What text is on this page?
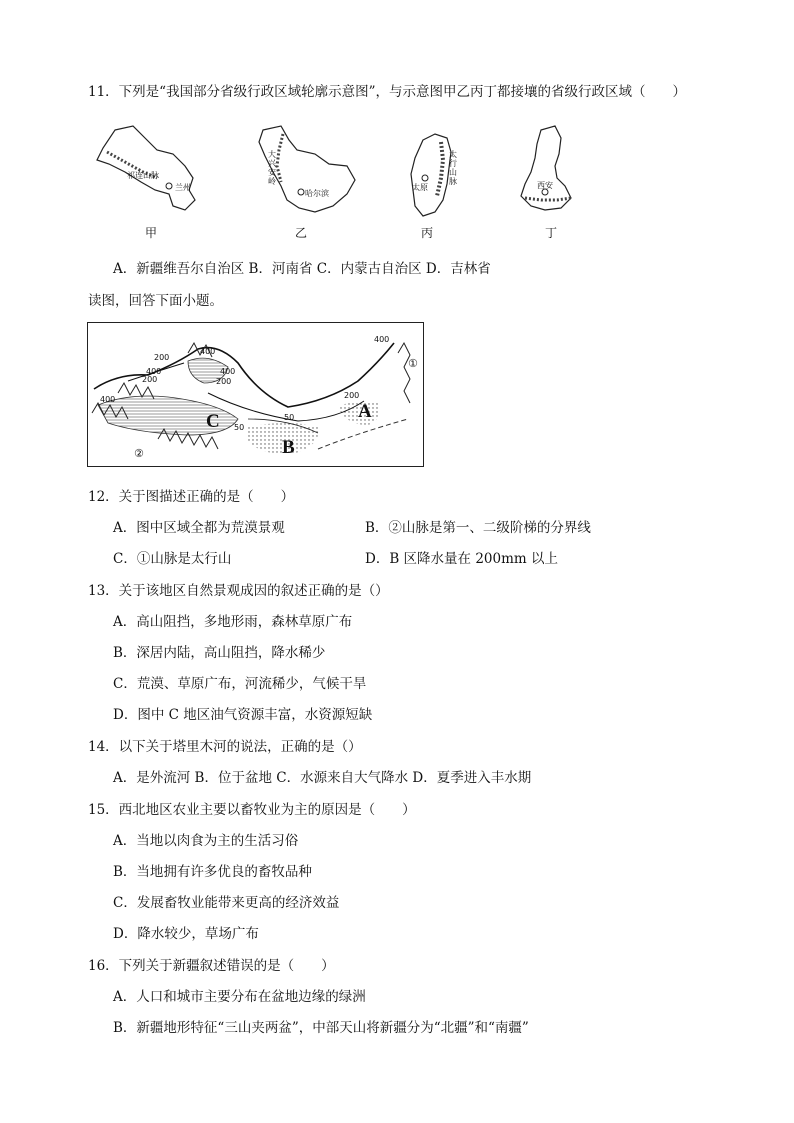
11．下列是“我国部分省级行政区域轮廓示意图”，与示意图甲乙丙丁都接壤的省级行政区域（　　）
祁连山脉
兰州
大兴安岭
哈尔滨
太行山脉
太原	西安
甲	乙	丙	丁
A．新疆维吾尔自治区 B．河南省 C．内蒙古自治区 D．吉林省
读图，回答下面小题。
200
400
400
200
400
200
400
50
50
200
400
①
②
A
B
C
12．关于图描述正确的是（　　）
A．图中区域全都为荒漠景观	B．②山脉是第一、二级阶梯的分界线
C．①山脉是太行山	D．B 区降水量在 200mm 以上
13．关于该地区自然景观成因的叙述正确的是（）
A．高山阻挡，多地形雨，森林草原广布
B．深居内陆，高山阻挡，降水稀少
C．荒漠、草原广布，河流稀少，气候干旱
D．图中 C 地区油气资源丰富，水资源短缺
14．以下关于塔里木河的说法，正确的是（）
A．是外流河 B．位于盆地 C．水源来自大气降水 D．夏季进入丰水期
15．西北地区农业主要以畜牧业为主的原因是（　　）
A．当地以肉食为主的生活习俗
B．当地拥有许多优良的畜牧品种
C．发展畜牧业能带来更高的经济效益
D．降水较少，草场广布
16．下列关于新疆叙述错误的是（　　）
A．人口和城市主要分布在盆地边缘的绿洲
B．新疆地形特征“三山夹两盆”，中部天山将新疆分为“北疆”和“南疆”
